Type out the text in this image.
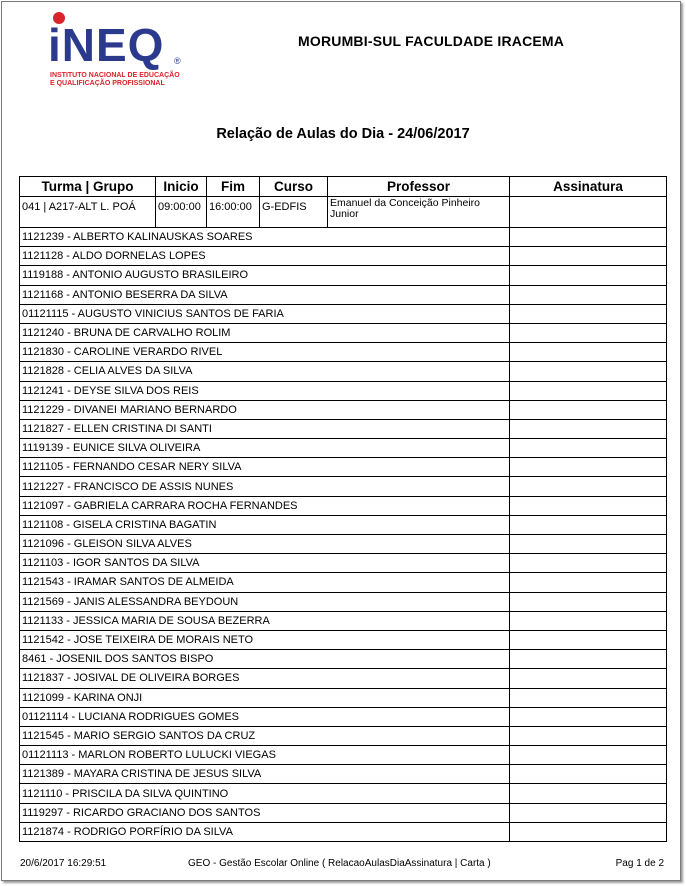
iNEQ ®
INSTITUTO NACIONAL DE EDUCAÇÃO
E QUALIFICAÇÃO PROFISSIONAL
MORUMBI-SUL FACULDADE IRACEMA
Relação de Aulas do Dia - 24/06/2017
Turma | Grupo	Inicio	Fim	Curso	Professor	Assinatura
041 | A217-ALT L. POÁ	09:00:00	16:00:00	G-EDFIS	Emanuel da Conceição Pinheiro Junior	
1121239 - ALBERTO KALINAUSKAS SOARES					
1121128 - ALDO DORNELAS LOPES					
1119188 - ANTONIO AUGUSTO BRASILEIRO					
1121168 - ANTONIO BESERRA DA SILVA					
01121115 - AUGUSTO VINICIUS SANTOS DE FARIA					
1121240 - BRUNA DE CARVALHO ROLIM					
1121830 - CAROLINE VERARDO RIVEL					
1121828 - CELIA ALVES DA SILVA					
1121241 - DEYSE SILVA DOS REIS					
1121229 - DIVANEI MARIANO BERNARDO					
1121827 - ELLEN CRISTINA DI SANTI					
1119139 - EUNICE SILVA OLIVEIRA					
1121105 - FERNANDO CESAR NERY SILVA					
1121227 - FRANCISCO DE ASSIS NUNES					
1121097 - GABRIELA CARRARA ROCHA FERNANDES					
1121108 - GISELA CRISTINA BAGATIN					
1121096 - GLEISON SILVA ALVES					
1121103 - IGOR SANTOS DA SILVA					
1121543 - IRAMAR SANTOS DE ALMEIDA					
1121569 - JANIS ALESSANDRA BEYDOUN					
1121133 - JESSICA MARIA DE SOUSA BEZERRA					
1121542 - JOSE TEIXEIRA DE MORAIS NETO					
8461 - JOSENIL DOS SANTOS BISPO					
1121837 - JOSIVAL DE OLIVEIRA BORGES					
1121099 - KARINA ONJI					
01121114 - LUCIANA RODRIGUES GOMES					
1121545 - MARIO SERGIO SANTOS DA CRUZ					
01121113 - MARLON ROBERTO LULUCKI VIEGAS					
1121389 - MAYARA CRISTINA DE JESUS SILVA					
1121110 - PRISCILA DA SILVA QUINTINO					
1119297 - RICARDO GRACIANO DOS SANTOS					
1121874 - RODRIGO PORFÍRIO DA SILVA					
20/6/2017 16:29:51	GEO - Gestão Escolar Online ( RelacaoAulasDiaAssinatura | Carta )	Pag 1 de 2
